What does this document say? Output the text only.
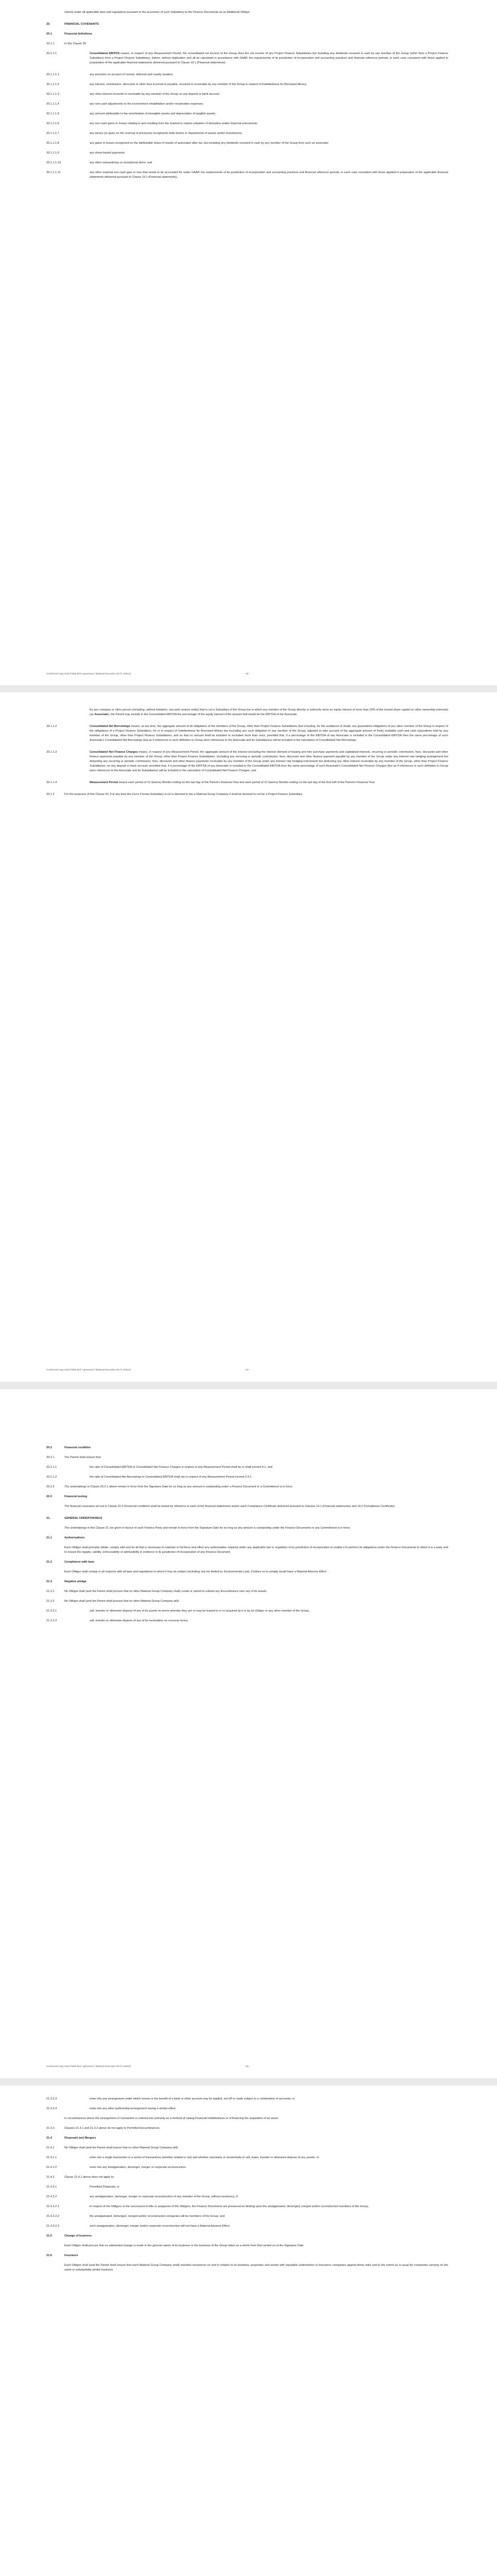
checks under all applicable laws and regulations pursuant to the accession of such Subsidiary to the Finance Documents as an Additional Obligor.
20.	FINANCIAL COVENANTS
20.1	Financial definitions
20.1.1	In this Clause 20:
20.1.1.1	Consolidated EBITDA means, in respect of any Measurement Period, the consolidated net income of the Group (less the net income of any Project Finance Subsidiaries but including any dividends received in cash by any member of the Group (other than a Project Finance Subsidiary) from a Project Finance Subsidiary), before, without duplication and all as calculated in accordance with GAAP, the requirements of its jurisdiction of incorporation and accounting practices and financial reference periods, in each case consistent with those applied in preparation of the applicable financial statements delivered pursuant to Clause 19.1 (Financial statements):
20.1.1.1.1	any provision on account of normal, deferred and royalty taxation;
20.1.1.1.2	any interest, commission, discounts or other fees incurred or payable, received or receivable by any member of the Group in respect of Indebtedness for Borrowed Money;
20.1.1.1.3	any other interest received or receivable by any member of the Group on any deposit or bank account;
20.1.1.1.4	any non-cash adjustments to the environment rehabilitation and/or reclamation expenses;
20.1.1.1.5	any amount attributable to the amortisation of intangible assets and depreciation of tangible assets;
20.1.1.1.6	any non-cash gains or losses relating to and resulting from the marked to market valuation of derivative and/or financial instruments;
20.1.1.1.7	any losses (or gains on the reversal of previously recognised) write-downs or impairments of assets and/or investments;
20.1.1.1.8	any gains or losses recognised on the attributable share of results of associates after tax, but including any dividends received in cash by any member of the Group from such an associate;
20.1.1.1.9	any share-based payments;
20.1.1.1.10	any other extraordinary or exceptional items; and
20.1.1.1.11	any other material non-cash gain or loss that needs to be accounted for under GAAP, the requirements of its jurisdiction of incorporation and accounting practices and financial reference periods, in each case consistent with those applied in preparation of the applicable financial statements delivered pursuant to Clause 19.1 (Financial statements),
Conformed copy Gold Fields BCF Agreement / Blanked Execution 30.07.14/EUS	- 62 -
for any company or other person (including, without limitation, any joint venture entity) that is not a Subsidiary of the Group but in which any member of the Group directly or indirectly owns an equity interest of more than 20% of the issued share capital (or other ownership interests) (an Associate), the Parent may include in the Consolidated EBITDA the percentage of the equity interest of the amount that would be the EBITDA of the Associate.
20.1.1.2	Consolidated Net Borrowings means, at any time, the aggregate amount of all obligations of the members of the Group, other than Project Finance Subsidiaries (but including, for the avoidance of doubt, any guaranteed obligations of any other member of the Group in respect of the obligations of a Project Finance Subsidiary), for or in respect of Indebtedness for Borrowed Money but excluding any such obligation to any member of the Group, adjusted to take account of the aggregate amount of freely available cash and cash equivalents held by any member of the Group, other than Project Finance Subsidiaries, and so that no amount shall be included or excluded more than once, provided that, if a percentage of the EBITDA of any Associate is included in the Consolidated EBITDA then the same percentage of such Associate's Consolidated Net Borrowings (but as if references in such definition to Group were references to the Associate and its Subsidiaries) will be included in the calculation of Consolidated Net Borrowings;
20.1.1.3	Consolidated Net Finance Charges means, in respect of any Measurement Period, the aggregate amount of the interest (including the interest element of leasing and hire purchase payments and capitalised interest), recurring or periodic commission, fees, discounts and other finance payments payable by any member of the Group, other than Project Finance Subsidiaries, (including any recurring or periodic commission, fees, discounts and other finance payment payable by any member of the Group under any interest rate hedging arrangement but deducting any recurring or periodic commission, fees, discounts and other finance payments receivable by any member of the Group under any interest rate hedging instrument) but deducting any other interest receivable by any member of the Group, other than Project Finance Subsidiaries, on any deposit or bank account, provided that, if a percentage of the EBITDA of any Associate is included in the Consolidated EBITDA then the same percentage of such Associate's Consolidated Net Finance Charges (but as if references in such definition to Group were references to the Associate and its Subsidiaries) will be included in the calculation of Consolidated Net Finance Charges; and
20.1.1.4	Measurement Period means each period of 12 (twelve) Months ending on the last day of the Parent's Financial Year and each period of 12 (twelve) Months ending on the last day of the first half of the Parent's Financial Year.
20.1.2	For the purposes of this Clause 20, if at any time the Cerro Corona Subsidiary is (or is deemed to be) a Material Group Company it shall be deemed to not be a Project Finance Subsidiary.
Conformed copy Gold Fields BCF Agreement / Blanked Execution 30.07.14/EUS	- 63 -
20.2	Financial condition
20.2.1	The Parent shall ensure that:
20.2.1.1	the ratio of Consolidated EBITDA to Consolidated Net Finance Charges in respect of any Measurement Period shall be or shall exceed 4:1; and
20.2.1.2	the ratio of Consolidated Net Borrowings to Consolidated EBITDA shall not in respect of any Measurement Period exceed 3.5:1.
20.2.2	The undertakings in Clause 20.2.1 above remain in force from the Signature Date for so long as any amount is outstanding under a Finance Document or a Commitment is in force.
20.3	Financial testing
The financial covenants set out in Clause 20.2 (Financial condition) shall be tested by reference to each of the financial statements and/or each Compliance Certificate delivered pursuant to Clauses 19.1 (Financial statements) and 19.2 (Compliance Certificate).
21.	GENERAL UNDERTAKINGS
The undertakings in this Clause 21 are given in favour of each Finance Party and remain in force from the Signature Date for so long as any amount is outstanding under the Finance Documents or any Commitment is in force.
21.1	Authorisations
Each Obligor shall promptly obtain, comply with and do all that is necessary to maintain in full force and effect any authorisation required under any applicable law or regulation of its jurisdiction of incorporation to enable it to perform its obligations under the Finance Documents to which it is a party and to ensure the legality, validity, enforceability or admissibility in evidence in its jurisdiction of incorporation of any Finance Document.
21.2	Compliance with laws
Each Obligor shall comply in all respects with all laws and regulations to which it may be subject (including, but not limited to, Environmental Law), if failure so to comply would have a Material Adverse Effect.
21.3	Negative pledge
21.3.1	No Obligor shall (and the Parent shall procure that no other Material Group Company shall) create or permit to subsist any Encumbrance over any of its assets.
21.3.2	No Obligor shall (and the Parent shall procure that no other Material Group Company will):
21.3.2.1	sell, transfer or otherwise dispose of any of its assets on terms whereby they are or may be leased to or re-acquired by it or by an Obligor or any other member of the Group;
21.3.2.2	sell, transfer or otherwise dispose of any of its receivables on recourse terms;
Conformed copy Gold Fields BCF Agreement / Blanked Execution 30.07.14/EUS	- 64 -
21.3.2.3	enter into any arrangement under which money or the benefit of a bank or other account may be applied, set-off or made subject to a combination of accounts; or
21.3.2.4	enter into any other preferential arrangement having a similar effect,
in circumstances where the arrangement or transaction is entered into primarily as a method of raising Financial Indebtedness or of financing the acquisition of an asset.
21.3.3	Clauses 21.3.1 and 21.3.2 above do not apply to Permitted Encumbrances.
21.4	Disposals and Mergers
21.4.1	No Obligor shall (and the Parent shall ensure that no other Material Group Company will):
21.4.1.1	enter into a single transaction or a series of transactions (whether related or not) and whether voluntarily or involuntarily to sell, lease, transfer or otherwise dispose of any assets; or
21.4.1.2	enter into any amalgamation, demerger, merger or corporate reconstruction.
21.4.2	Clause 21.4.1 above does not apply to:
21.4.2.1	Permitted Disposals; or
21.4.2.2	any amalgamation, demerger, merger or corporate reconstruction of any member of the Group, without insolvency, if:
21.4.2.2.1	in respect of the Obligors or the successors-in-title or assignees of the Obligors, the Finance Documents are preserved as binding upon the amalgamated, demerged, merged and/or reconstructed members of the Group;
21.4.2.2.2	the amalgamated, demerged, merged and/or reconstructed companies will be members of the Group; and
21.4.2.2.3	such amalgamation, demerger, merger and/or corporate reconstruction will not have a Material Adverse Effect.
21.5	Change of business
Each Obligor shall procure that no substantial change is made to the general nature of its business or the business of the Group taken as a whole from that carried on at the Signature Date.
21.6	Insurance
Each Obligor shall (and the Parent shall ensure that each Material Group Company shall) maintain insurances on and in relation to its business, properties and assets with reputable underwriters or insurance companies against those risks and to the extent as is usual for companies carrying on the same or substantially similar business.
